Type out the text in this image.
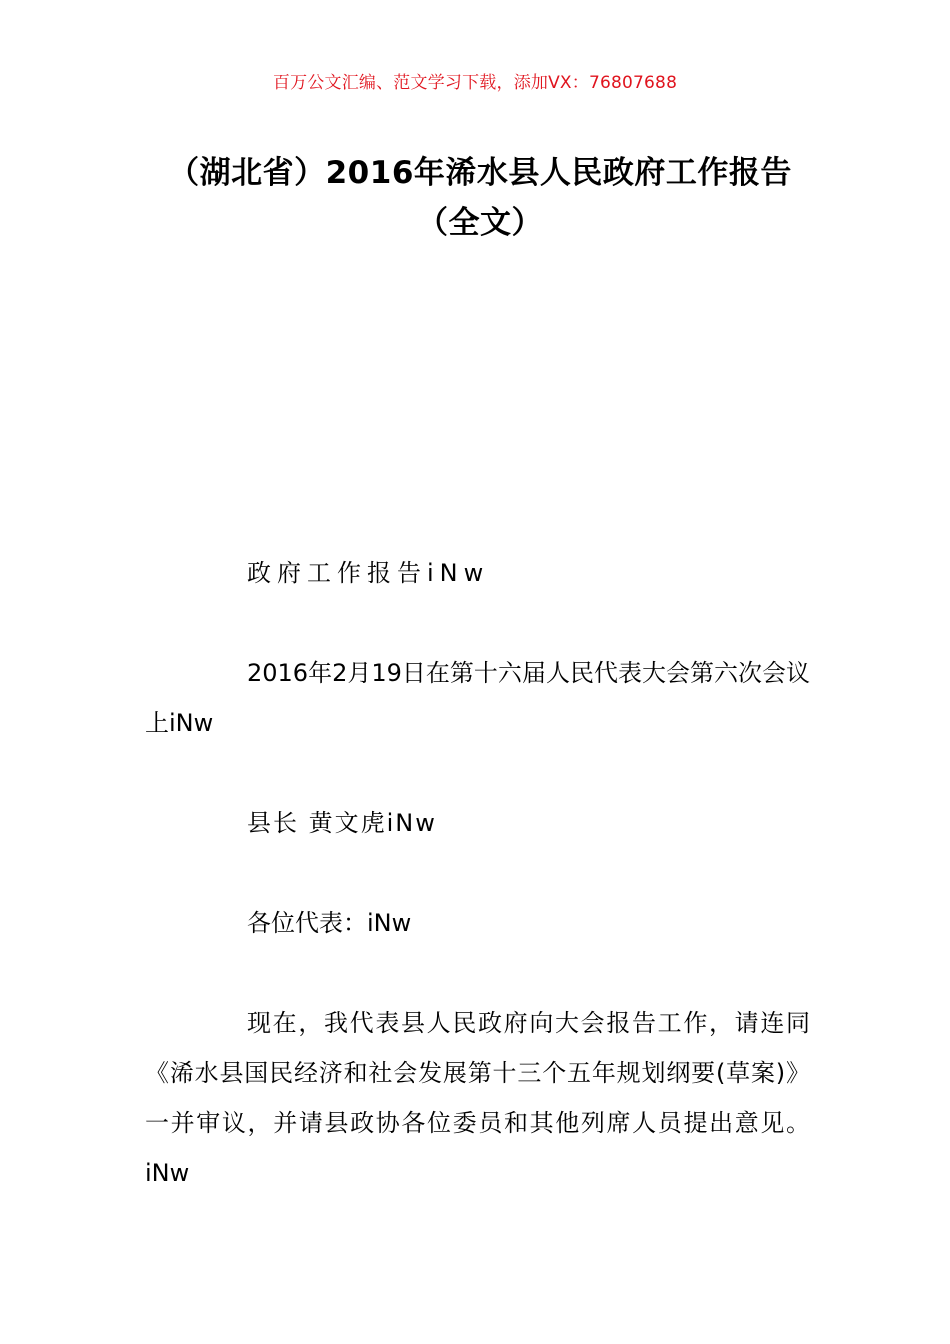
百万公文汇编、范文学习下载，添加VX：76807688
（湖北省）2016年浠水县人民政府工作报告（全文）

政府工作报告iNw

2016年2月19日在第十六届人民代表大会第六次会议上iNw

县长 黄文虎iNw

各位代表：iNw

现在，我代表县人民政府向大会报告工作，请连同《浠水县国民经济和社会发展第十三个五年规划纲要(草案)》一并审议，并请县政协各位委员和其他列席人员提出意见。iNw
